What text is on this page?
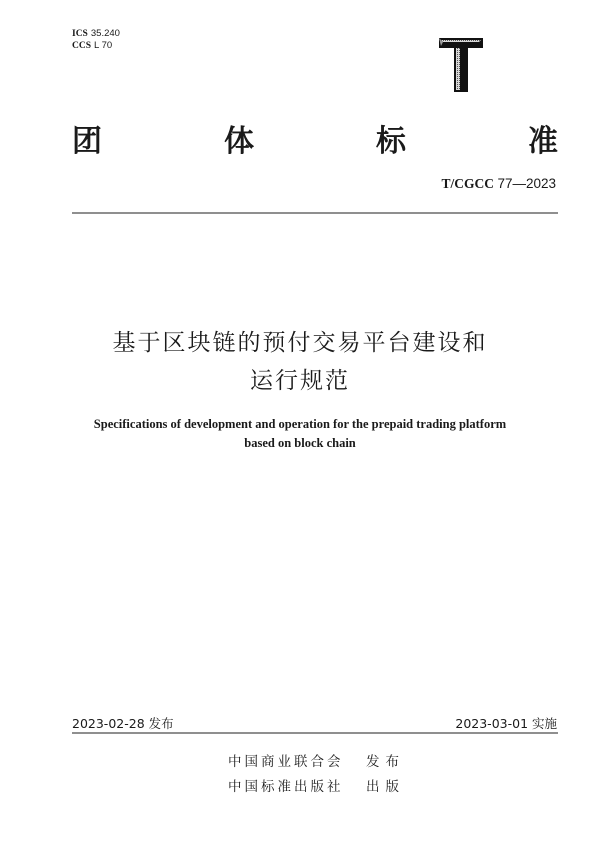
ICS 35.240
CCS L 70
团	体	标	准
T/CGCC 77—2023
基于区块链的预付交易平台建设和
运行规范
Specifications of development and operation for the prepaid trading platform
based on block chain
2023-02-28 发布	2023-03-01 实施
中国商业联合会 发布
中国标准出版社 出版
